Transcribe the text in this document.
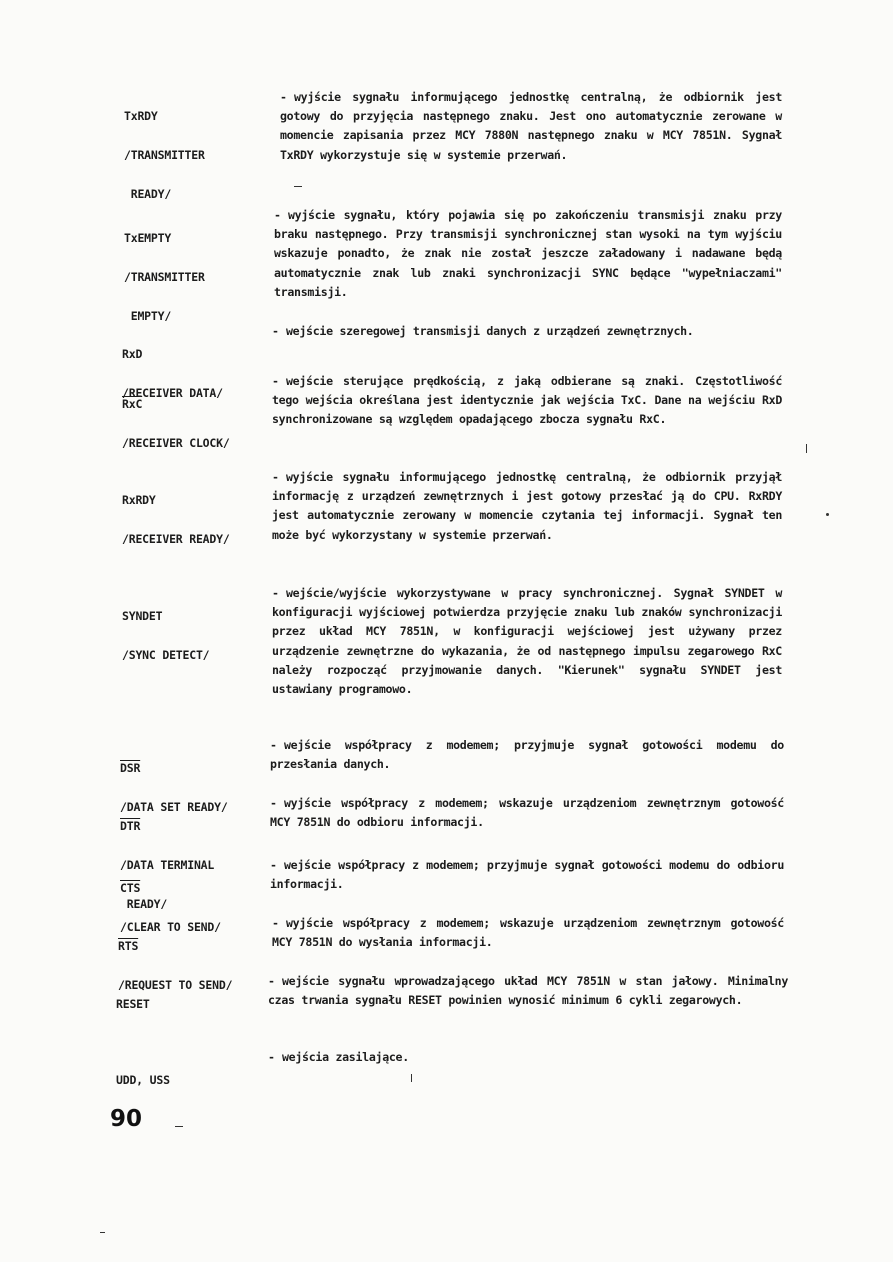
TxRDY

/TRANSMITTER

READY/

- wyjście sygnału informującego jednostkę centralną, że odbiornik jest gotowy do przyjęcia następnego znaku. Jest ono automatycznie zerowane w momencie zapisania przez MCY 7880N następnego znaku w MCY 7851N. Sygnał TxRDY wykorzystuje się w systemie przerwań.

TxEMPTY

/TRANSMITTER

EMPTY/

- wyjście sygnału, który pojawia się po zakończeniu transmisji znaku przy braku następnego. Przy transmisji synchronicznej stan wysoki na tym wyjściu wskazuje ponadto, że znak nie został jeszcze załadowany i nadawane będą automatycznie znak lub znaki synchronizacji SYNC będące "wypełniaczami" transmisji.

RxD

/RECEIVER DATA/

- wejście szeregowej transmisji danych z urządzeń zewnętrznych.

$\overline{RxC}$

/RECEIVER CLOCK/

- wejście sterujące prędkością, z jaką odbierane są znaki. Częstotliwość tego wejścia określana jest identycznie jak wejścia TxC. Dane na wejściu RxD synchronizowane są względem opadającego zbocza sygnału RxC.

RxRDY

/RECEIVER READY/

- wyjście sygnału informującego jednostkę centralną, że odbiornik przyjął informację z urządzeń zewnętrznych i jest gotowy przesłać ją do CPU. RxRDY jest automatycznie zerowany w momencie czytania tej informacji. Sygnał ten może być wykorzystany w systemie przerwań.

SYNDET

/SYNC DETECT/

- wejście/wyjście wykorzystywane w pracy synchronicznej. Sygnał SYNDET w konfiguracji wyjściowej potwierdza przyjęcie znaku lub znaków synchronizacji przez układ MCY 7851N, w konfiguracji wejściowej jest używany przez urządzenie zewnętrzne do wykazania, że od następnego impulsu zegarowego RxC należy rozpocząć przyjmowanie danych. "Kierunek" sygnału SYNDET jest ustawiany programowo.

$\overline{DSR}$

/DATA SET READY/

- wejście współpracy z modemem; przyjmuje sygnał gotowości modemu do przesłania danych.

$\overline{DTR}$

/DATA TERMINAL

READY/

- wyjście współpracy z modemem; wskazuje urządzeniom zewnętrznym gotowość MCY 7851N do odbioru informacji.

$\overline{CTS}$

/CLEAR TO SEND/

- wejście współpracy z modemem; przyjmuje sygnał gotowości modemu do odbioru informacji.

$\overline{RTS}$

/REQUEST TO SEND/

- wyjście współpracy z modemem; wskazuje urządzeniom zewnętrznym gotowość MCY 7851N do wysłania informacji.

RESET

- wejście sygnału wprowadzającego układ MCY 7851N w stan jałowy. Minimalny czas trwania sygnału RESET powinien wynosić minimum 6 cykli zegarowych.

UDD, USS

- wejścia zasilające.
90
